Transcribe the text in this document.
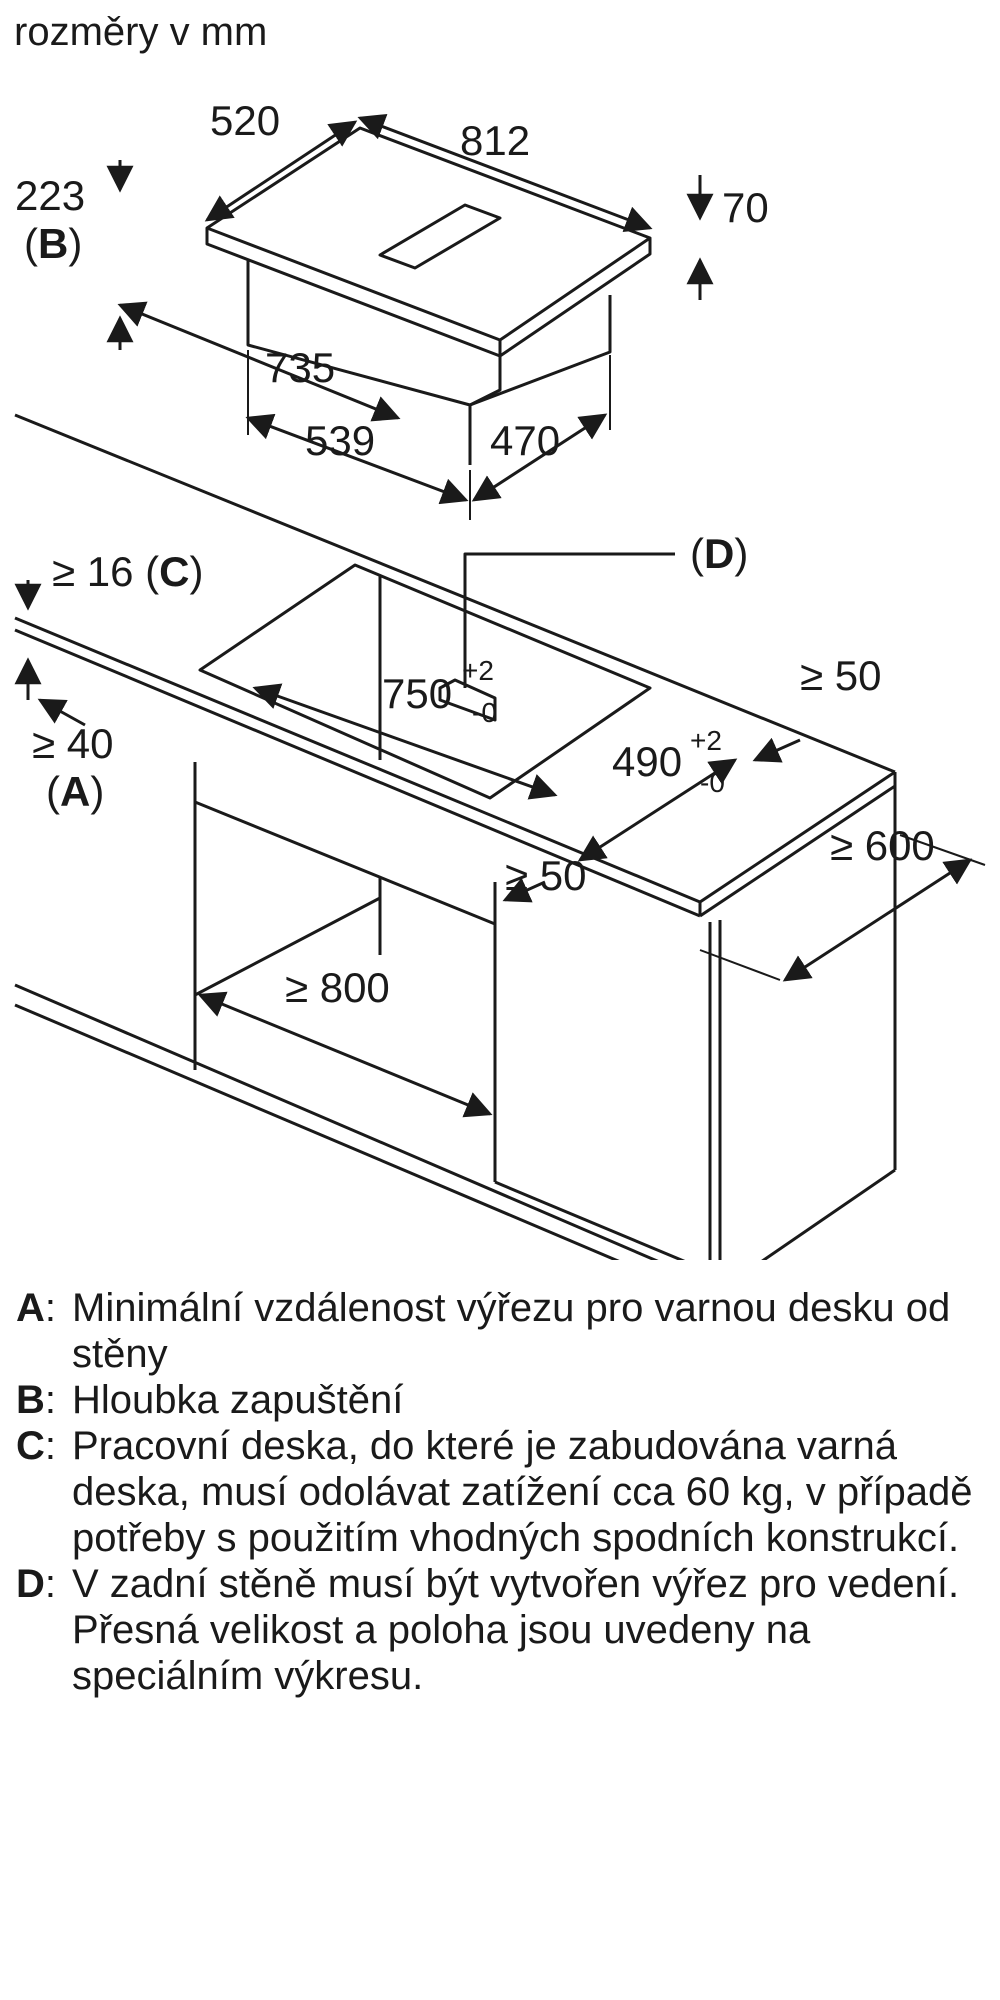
rozměry v mm
520	812
223
(B)
70
735
539	470
(D)
≥ 16 (C)
≥ 40
(A)
750 +2
-0
490 +2
-0
≥ 50
≥ 50
≥ 600
≥ 800
A: Minimální vzdálenost výřezu pro varnou desku od stěny
B: Hloubka zapuštění
C: Pracovní deska, do které je zabudována varná deska, musí odolávat zatížení cca 60 kg, v případě potřeby s použitím vhodných spodních konstrukcí.
D: V zadní stěně musí být vytvořen výřez pro vedení. Přesná velikost a poloha jsou uvedeny na speciálním výkresu.
